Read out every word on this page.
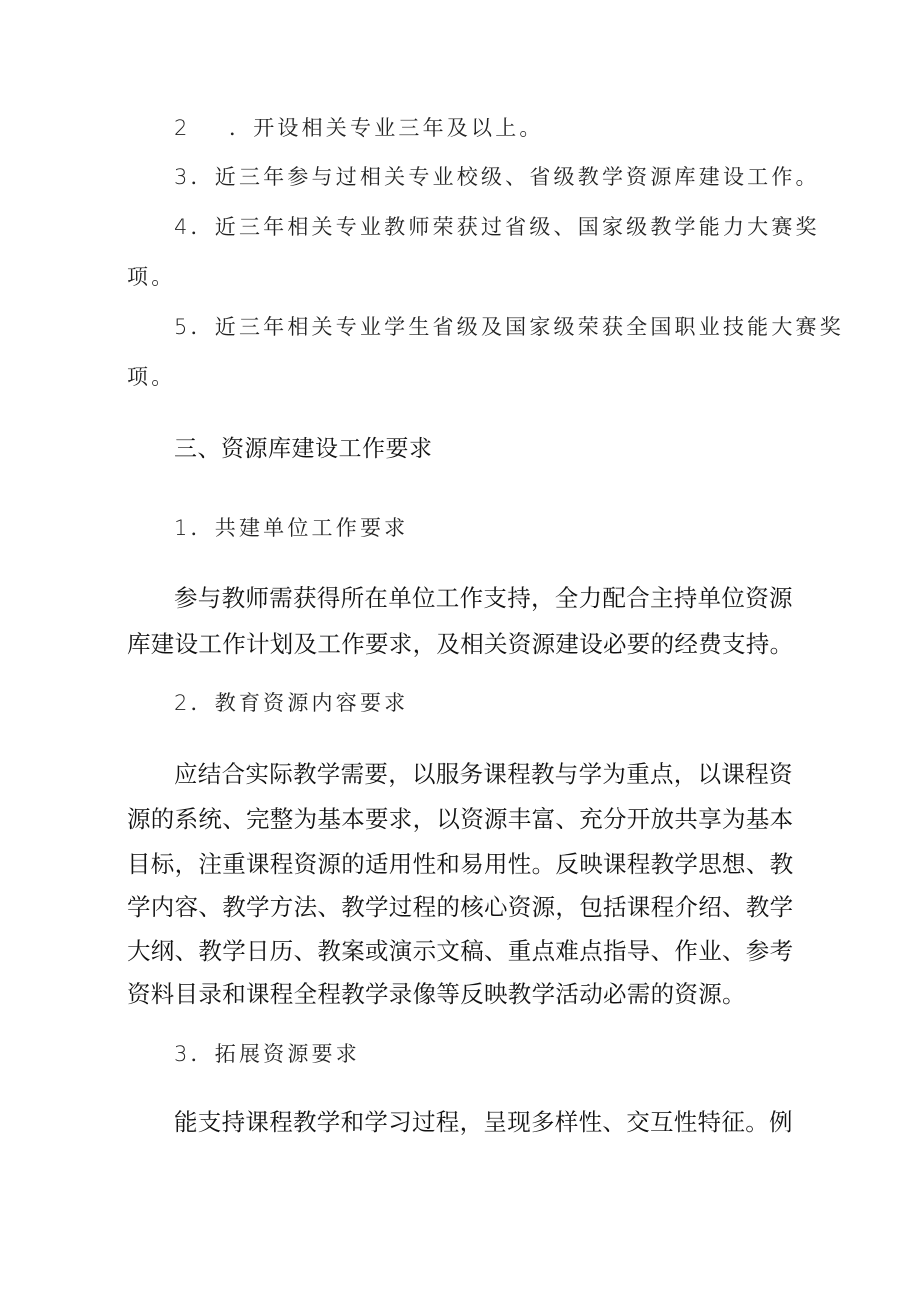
2 ．开设相关专业三年及以上。
3．近三年参与过相关专业校级、省级教学资源库建设工作。
4．近三年相关专业教师荣获过省级、国家级教学能力大赛奖
项。
5．近三年相关专业学生省级及国家级荣获全国职业技能大赛奖
项。
三、资源库建设工作要求
1．共建单位工作要求
参与教师需获得所在单位工作支持，全力配合主持单位资源
库建设工作计划及工作要求，及相关资源建设必要的经费支持。
2．教育资源内容要求
应结合实际教学需要，以服务课程教与学为重点，以课程资
源的系统、完整为基本要求，以资源丰富、充分开放共享为基本
目标，注重课程资源的适用性和易用性。反映课程教学思想、教
学内容、教学方法、教学过程的核心资源，包括课程介绍、教学
大纲、教学日历、教案或演示文稿、重点难点指导、作业、参考
资料目录和课程全程教学录像等反映教学活动必需的资源。
3．拓展资源要求
能支持课程教学和学习过程，呈现多样性、交互性特征。例
